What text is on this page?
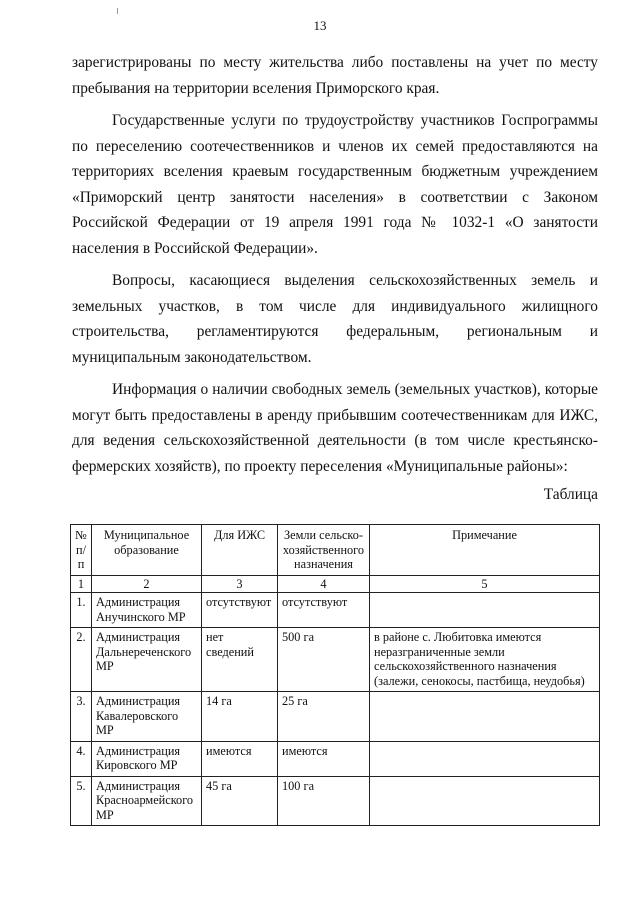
13

зарегистрированы по месту жительства либо поставлены на учет по месту пребывания на территории вселения Приморского края.

Государственные услуги по трудоустройству участников Госпрограммы по переселению соотечественников и членов их семей предоставляются на территориях вселения краевым государственным бюджетным учреждением «Приморский центр занятости населения» в соответствии с Законом Российской Федерации от 19 апреля 1991 года № 1032-1 «О занятости населения в Российской Федерации».

Вопросы, касающиеся выделения сельскохозяйственных земель и земельных участков, в том числе для индивидуального жилищного строительства, регламентируются федеральным, региональным и муниципальным законодательством.

Информация о наличии свободных земель (земельных участков), которые могут быть предоставлены в аренду прибывшим соотечественникам для ИЖС, для ведения сельскохозяйственной деятельности (в том числе крестьянско-фермерских хозяйств), по проекту переселения «Муниципальные районы»:

Таблица
№ п/п	Муниципальное образование	Для ИЖС	Земли сельско-хозяйственного назначения	Примечание
1	2	3	4	5
1.	Администрация Анучинского МР	отсутствуют	отсутствуют	
2.	Администрация Дальнереченского МР	нет сведений	500 га	в районе с. Любитовка имеются неразграниченные земли сельскохозяйственного назначения (залежи, сенокосы, пастбища, неудобья)
3.	Администрация Кавалеровского МР	14 га	25 га	
4.	Администрация Кировского МР	имеются	имеются	
5.	Администрация Красноармейского МР	45 га	100 га	
